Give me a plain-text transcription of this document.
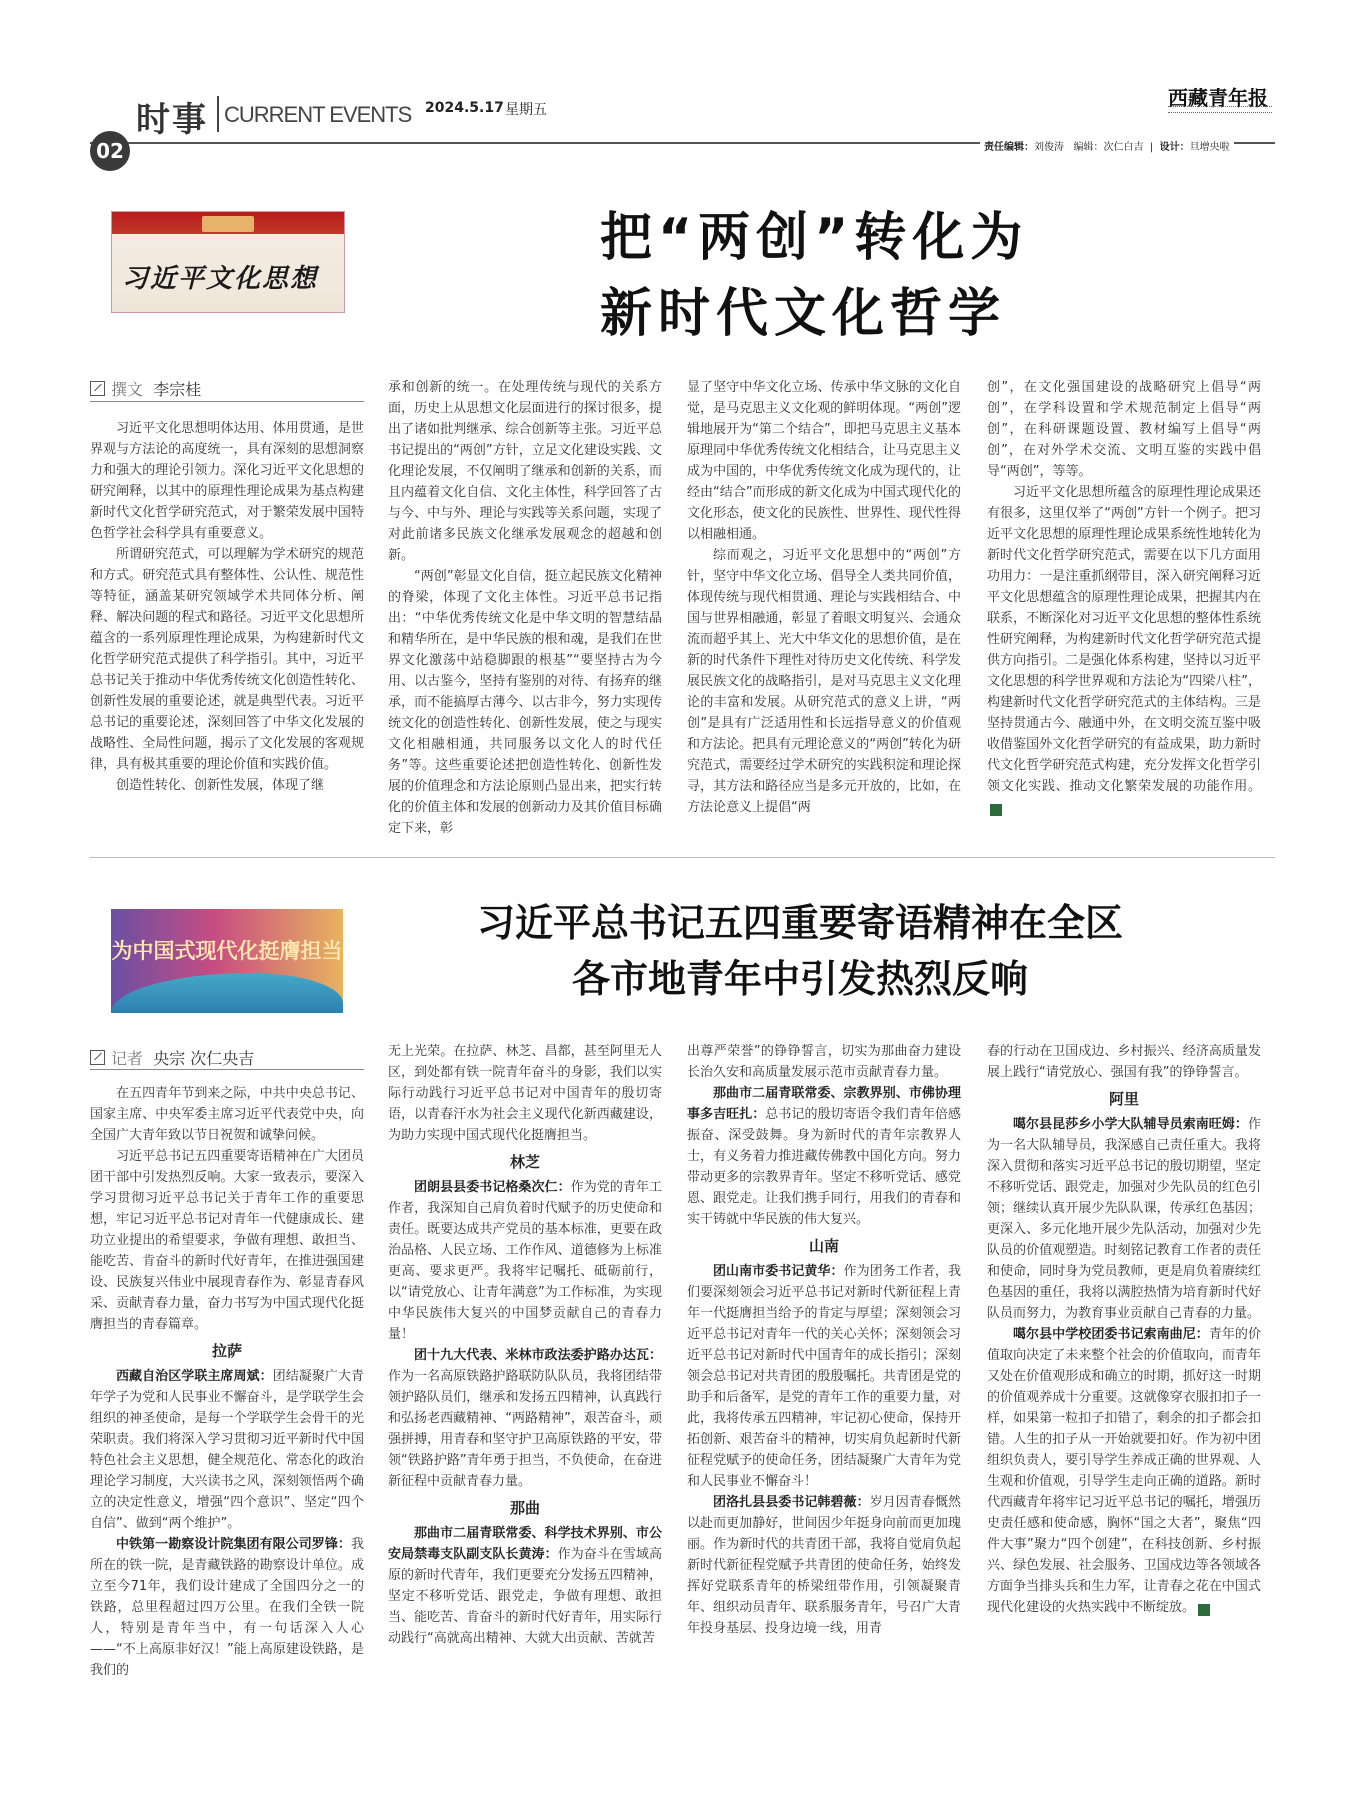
时事 CURRENT EVENTS 2024.5.17 星期五
02
西藏青年报
责任编辑：刘俊涛 编辑：次仁白吉  |  设计：旦增央啦
习近平文化思想
把“两创”转化为
新时代文化哲学
撰文 李宗桂

习近平文化思想明体达用、体用贯通，是世界观与方法论的高度统一，具有深刻的思想洞察力和强大的理论引领力。深化习近平文化思想的研究阐释，以其中的原理性理论成果为基点构建新时代文化哲学研究范式，对于繁荣发展中国特色哲学社会科学具有重要意义。

所谓研究范式，可以理解为学术研究的规范和方式。研究范式具有整体性、公认性、规范性等特征，涵盖某研究领域学术共同体分析、阐释、解决问题的程式和路径。习近平文化思想所蕴含的一系列原理性理论成果，为构建新时代文化哲学研究范式提供了科学指引。其中，习近平总书记关于推动中华优秀传统文化创造性转化、创新性发展的重要论述，就是典型代表。习近平总书记的重要论述，深刻回答了中华文化发展的战略性、全局性问题，揭示了文化发展的客观规律，具有极其重要的理论价值和实践价值。

创造性转化、创新性发展，体现了继

承和创新的统一。在处理传统与现代的关系方面，历史上从思想文化层面进行的探讨很多，提出了诸如批判继承、综合创新等主张。习近平总书记提出的“两创”方针，立足文化建设实践、文化理论发展，不仅阐明了继承和创新的关系，而且内蕴着文化自信、文化主体性，科学回答了古与今、中与外、理论与实践等关系问题，实现了对此前诸多民族文化继承发展观念的超越和创新。

“两创”彰显文化自信，挺立起民族文化精神的脊梁，体现了文化主体性。习近平总书记指出：“中华优秀传统文化是中华文明的智慧结晶和精华所在，是中华民族的根和魂，是我们在世界文化激荡中站稳脚跟的根基”“要坚持古为今用、以古鉴今，坚持有鉴别的对待、有扬弃的继承，而不能搞厚古薄今、以古非今，努力实现传统文化的创造性转化、创新性发展，使之与现实文化相融相通，共同服务以文化人的时代任务”等。这些重要论述把创造性转化、创新性发展的价值理念和方法论原则凸显出来，把实行转化的价值主体和发展的创新动力及其价值目标确定下来，彰

显了坚守中华文化立场、传承中华文脉的文化自觉，是马克思主义文化观的鲜明体现。“两创”逻辑地展开为“第二个结合”，即把马克思主义基本原理同中华优秀传统文化相结合，让马克思主义成为中国的，中华优秀传统文化成为现代的，让经由“结合”而形成的新文化成为中国式现代化的文化形态，使文化的民族性、世界性、现代性得以相融相通。

综而观之，习近平文化思想中的“两创”方针，坚守中华文化立场、倡导全人类共同价值，体现传统与现代相贯通、理论与实践相结合、中国与世界相融通，彰显了着眼文明复兴、会通众流而超乎其上、光大中华文化的思想价值，是在新的时代条件下理性对待历史文化传统、科学发展民族文化的战略指引，是对马克思主义文化理论的丰富和发展。从研究范式的意义上讲，“两创”是具有广泛适用性和长远指导意义的价值观和方法论。把具有元理论意义的“两创”转化为研究范式，需要经过学术研究的实践积淀和理论探寻，其方法和路径应当是多元开放的，比如，在方法论意义上提倡“两

创”，在文化强国建设的战略研究上倡导“两创”，在学科设置和学术规范制定上倡导“两创”，在科研课题设置、教材编写上倡导“两创”，在对外学术交流、文明互鉴的实践中倡导“两创”，等等。

习近平文化思想所蕴含的原理性理论成果还有很多，这里仅举了“两创”方针一个例子。把习近平文化思想的原理性理论成果系统性地转化为新时代文化哲学研究范式，需要在以下几方面用功用力：一是注重抓纲带目，深入研究阐释习近平文化思想蕴含的原理性理论成果，把握其内在联系，不断深化对习近平文化思想的整体性系统性研究阐释，为构建新时代文化哲学研究范式提供方向指引。二是强化体系构建，坚持以习近平文化思想的科学世界观和方法论为“四梁八柱”，构建新时代文化哲学研究范式的主体结构。三是坚持贯通古今、融通中外，在文明交流互鉴中吸收借鉴国外文化哲学研究的有益成果，助力新时代文化哲学研究范式构建，充分发挥文化哲学引领文化实践、推动文化繁荣发展的功能作用。✦

为中国式现代化挺膺担当
习近平总书记五四重要寄语精神在全区
各市地青年中引发热烈反响
记者 央宗 次仁央吉

在五四青年节到来之际，中共中央总书记、国家主席、中央军委主席习近平代表党中央，向全国广大青年致以节日祝贺和诚挚问候。

习近平总书记五四重要寄语精神在广大团员团干部中引发热烈反响。大家一致表示，要深入学习贯彻习近平总书记关于青年工作的重要思想，牢记习近平总书记对青年一代健康成长、建功立业提出的希望要求，争做有理想、敢担当、能吃苦、肯奋斗的新时代好青年，在推进强国建设、民族复兴伟业中展现青春作为、彰显青春风采、贡献青春力量，奋力书写为中国式现代化挺膺担当的青春篇章。

拉萨

西藏自治区学联主席周斌：团结凝聚广大青年学子为党和人民事业不懈奋斗，是学联学生会组织的神圣使命，是每一个学联学生会骨干的光荣职责。我们将深入学习贯彻习近平新时代中国特色社会主义思想，健全规范化、常态化的政治理论学习制度，大兴读书之风，深刻领悟两个确立的决定性意义，增强“四个意识”、坚定“四个自信”、做到“两个维护”。

中铁第一勘察设计院集团有限公司罗锋：我所在的铁一院，是青藏铁路的勘察设计单位。成立至今71年，我们设计建成了全国四分之一的铁路，总里程超过四万公里。在我们全铁一院人，特别是青年当中，有一句话深入人心——“不上高原非好汉！”能上高原建设铁路，是我们的

无上光荣。在拉萨、林芝、昌都，甚至阿里无人区，到处都有铁一院青年奋斗的身影，我们以实际行动践行习近平总书记对中国青年的殷切寄语，以青春汗水为社会主义现代化新西藏建设，为助力实现中国式现代化挺膺担当。

林芝

团朗县县委书记格桑次仁：作为党的青年工作者，我深知自己肩负着时代赋予的历史使命和责任。既要达成共产党员的基本标准，更要在政治品格、人民立场、工作作风、道德修为上标准更高、要求更严。我将牢记嘱托、砥砺前行，以“请党放心、让青年满意”为工作标准，为实现中华民族伟大复兴的中国梦贡献自己的青春力量！

团十九大代表、米林市政法委护路办达瓦：作为一名高原铁路护路联防队队员，我将团结带领护路队员们，继承和发扬五四精神，认真践行和弘扬老西藏精神、“两路精神”，艰苦奋斗，顽强拼搏，用青春和坚守护卫高原铁路的平安，带领“铁路护路”青年勇于担当，不负使命，在奋进新征程中贡献青春力量。

那曲

那曲市二届青联常委、科学技术界别、市公安局禁毒支队副支队长黄涛：作为奋斗在雪域高原的新时代青年，我们更要充分发扬五四精神，坚定不移听党话、跟党走，争做有理想、敢担当、能吃苦、肯奋斗的新时代好青年，用实际行动践行“高就高出精神、大就大出贡献、苦就苦

出尊严荣誉”的铮铮誓言，切实为那曲奋力建设长治久安和高质量发展示范市贡献青春力量。

那曲市二届青联常委、宗教界别、市佛协理事多吉旺扎：总书记的殷切寄语令我们青年倍感振奋、深受鼓舞。身为新时代的青年宗教界人士，有义务着力推进藏传佛教中国化方向。努力带动更多的宗教界青年。坚定不移听党话、感党恩、跟党走。让我们携手同行，用我们的青春和实干铸就中华民族的伟大复兴。

山南

团山南市委书记黄华：作为团务工作者，我们要深刻领会习近平总书记对新时代新征程上青年一代挺膺担当给予的肯定与厚望；深刻领会习近平总书记对青年一代的关心关怀；深刻领会习近平总书记对新时代中国青年的成长指引；深刻领会总书记对共青团的殷殷嘱托。共青团是党的助手和后备军，是党的青年工作的重要力量，对此，我将传承五四精神，牢记初心使命，保持开拓创新、艰苦奋斗的精神，切实肩负起新时代新征程党赋予的使命任务，团结凝聚广大青年为党和人民事业不懈奋斗！

团洛扎县县委书记韩碧薇：岁月因青春慨然以赴而更加静好，世间因少年挺身向前而更加瑰丽。作为新时代的共青团干部，我将自觉肩负起新时代新征程党赋予共青团的使命任务，始终发挥好党联系青年的桥梁纽带作用，引领凝聚青年、组织动员青年、联系服务青年，号召广大青年投身基层、投身边境一线，用青

春的行动在卫国戍边、乡村振兴、经济高质量发展上践行“请党放心、强国有我”的铮铮誓言。

阿里

噶尔县昆莎乡小学大队辅导员索南旺姆：作为一名大队辅导员，我深感自己责任重大。我将深入贯彻和落实习近平总书记的殷切期望，坚定不移听党话、跟党走，加强对少先队员的红色引领；继续认真开展少先队队课，传承红色基因；更深入、多元化地开展少先队活动，加强对少先队员的价值观塑造。时刻铭记教育工作者的责任和使命，同时身为党员教师，更是肩负着赓续红色基因的重任，我将以满腔热情为培育新时代好队员而努力，为教育事业贡献自己青春的力量。

噶尔县中学校团委书记索南曲尼：青年的价值取向决定了未来整个社会的价值取向，而青年又处在价值观形成和确立的时期，抓好这一时期的价值观养成十分重要。这就像穿衣服扣扣子一样，如果第一粒扣子扣错了，剩余的扣子都会扣错。人生的扣子从一开始就要扣好。作为初中团组织负责人，要引导学生养成正确的世界观、人生观和价值观，引导学生走向正确的道路。新时代西藏青年将牢记习近平总书记的嘱托，增强历史责任感和使命感，胸怀“国之大者”，聚焦“四件大事”聚力“四个创建”，在科技创新、乡村振兴、绿色发展、社会服务、卫国戍边等各领域各方面争当排头兵和生力军，让青春之花在中国式现代化建设的火热实践中不断绽放。	✦
